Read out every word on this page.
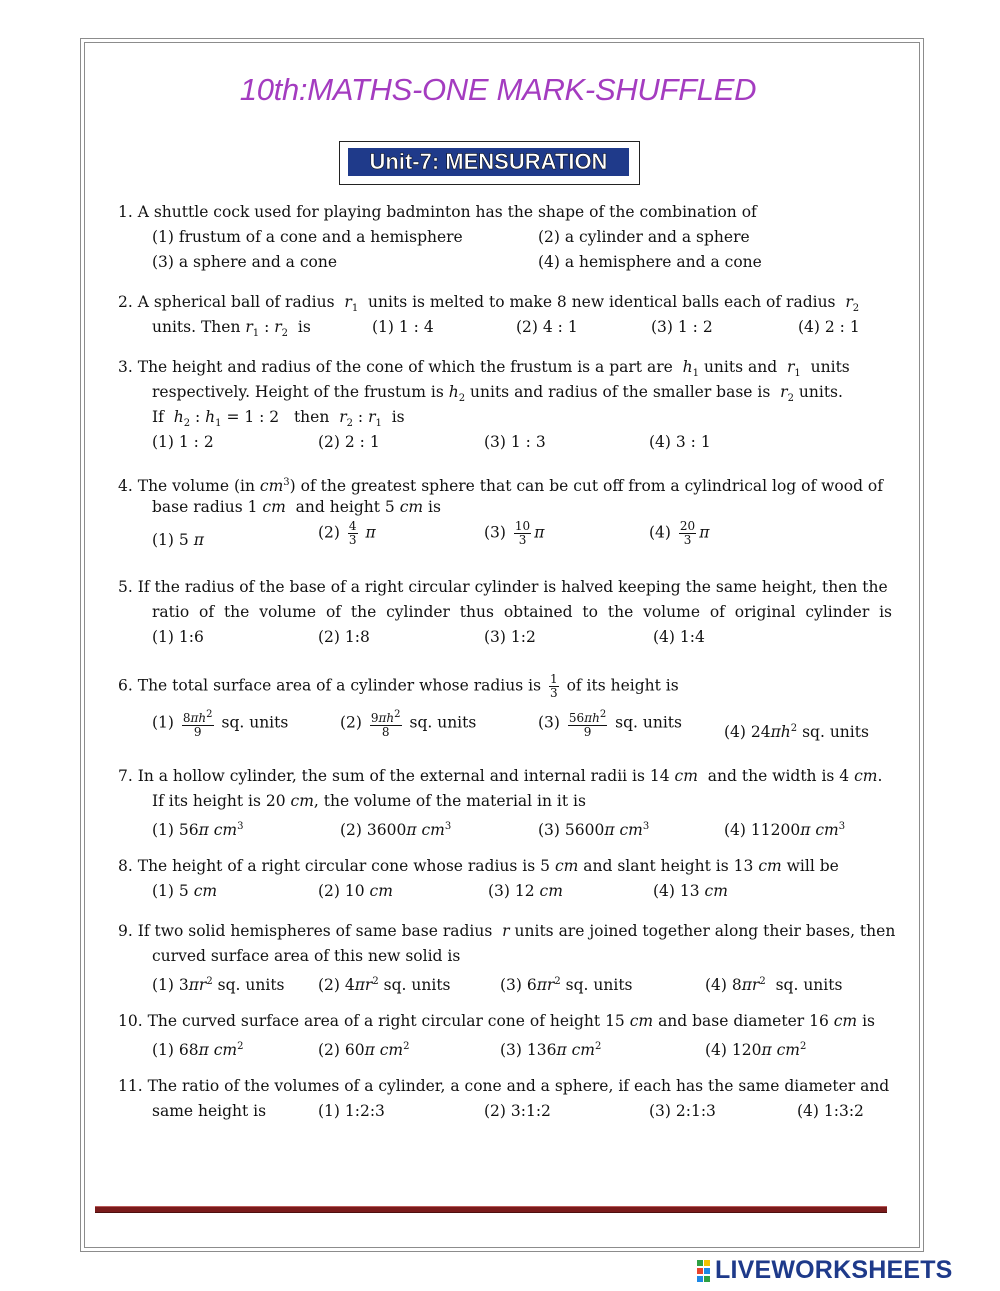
10th:MATHS-ONE MARK-SHUFFLED
Unit-7: MENSURATION
1. A shuttle cock used for playing badminton has the shape of the combination of
(1) frustum of a cone and a hemisphere	(2) a cylinder and a sphere
(3) a sphere and a cone	(4) a hemisphere and a cone
2. A spherical ball of radius $r_1$ units is melted to make 8 new identical balls each of radius $r_2$
units. Then $r_1$ : $r_2$ is	(1) 1 : 4	(2) 4 : 1	(3) 1 : 2	(4) 2 : 1
3. The height and radius of the cone of which the frustum is a part are $h_1$ units and $r_1$ units
respectively. Height of the frustum is $h_2$ units and radius of the smaller base is $r_2$ units.
If $h_2$ : $h_1 = 1$ : 2   then $r_2$ : $r_1$ is
(1) 1 : 2	(2) 2 : 1	(3) 1 : 3	(4) 3 : 1
4. The volume (in $cm^3$) of the greatest sphere that can be cut off from a cylindrical log of wood of
base radius 1 cm and height 5 cm is
(1) 5 π	$(2) \frac{4}{3}$ π	$(3) \frac{10}{3}$ π	$(4) \frac{20}{3}$ π
5. If the radius of the base of a right circular cylinder is halved keeping the same height, then the
ratio of the volume of the cylinder thus obtained to the volume of original cylinder is
(1) 1:6	(2) 1:8	(3) 1:2	(4) 1:4
6. The total surface area of a cylinder whose radius is $\frac{1}{3}$ of its height is
$(1) \frac{8\pi h^2}{9}$ sq. units	$(2) \frac{9\pi h^2}{8}$ sq. units	$(3) \frac{56\pi h^2}{9}$ sq. units
(4) $24\pi h^2$ sq. units
7. In a hollow cylinder, the sum of the external and internal radii is 14 cm and the width is 4 cm.
If its height is 20 cm, the volume of the material in it is
(1) 56π $cm^3$	(2) 3600π $cm^3$	(3) 5600π $cm^3$	(4) 11200π $cm^3$
8. The height of a right circular cone whose radius is 5 cm and slant height is 13 cm will be
(1) 5 cm	(2) 10 cm	(3) 12 cm	(4) 13 cm
9. If two solid hemispheres of same base radius r units are joined together along their bases, then
curved surface area of this new solid is
(1) $3\pi r^2$ sq. units (2) $4\pi r^2$ sq. units	(3) $6\pi r^2$ sq. units	(4) $8\pi r^2$ sq. units
10. The curved surface area of a right circular cone of height 15 cm and base diameter 16 cm is
(1) 68π $cm^2$	(2) 60π $cm^2$	(3) 136π $cm^2$	(4) 120π $cm^2$
11. The ratio of the volumes of a cylinder, a cone and a sphere, if each has the same diameter and
same height is	(1) 1:2:3	(2) 3:1:2	(3) 2:1:3	(4) 1:3:2
LIVEWORKSHEETS
